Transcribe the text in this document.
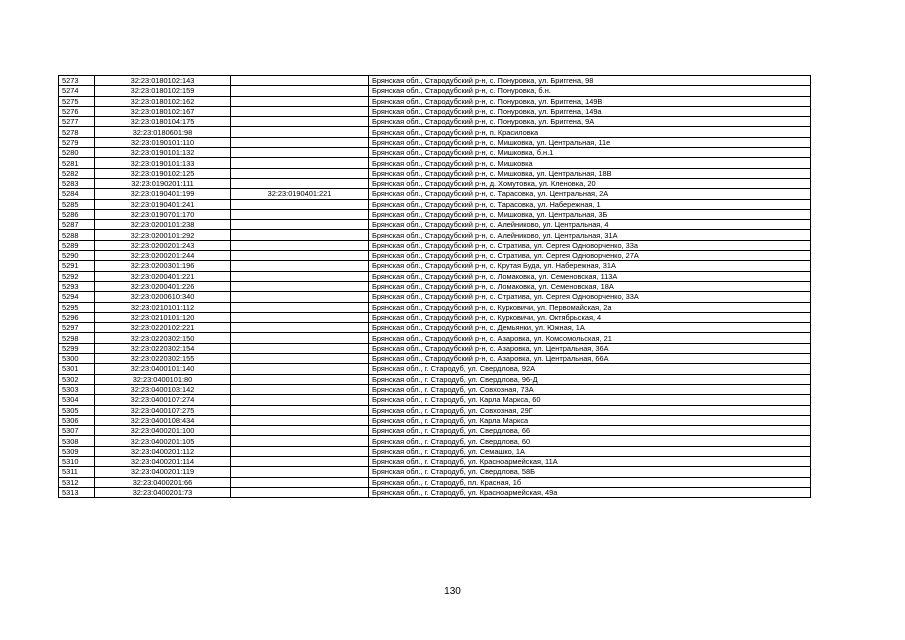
5273	32:23:0180102:143		Брянская обл., Стародубский р-н, с. Понуровка, ул. Бриггена, 98
5274	32:23:0180102:159		Брянская обл., Стародубский р-н, с. Понуровка, б.н.
5275	32:23:0180102:162		Брянская обл., Стародубский р-н, с. Понуровка, ул. Бриггена, 149В
5276	32:23:0180102:167		Брянская обл., Стародубский р-н, с. Понуровка, ул. Бриггена, 149а
5277	32:23:0180104:175		Брянская обл., Стародубский р-н, с. Понуровка, ул. Бриггена, 9А
5278	32:23:0180601:98		Брянская обл., Стародубский р-н, п. Красиловка
5279	32:23:0190101:110		Брянская обл., Стародубский р-н, с. Мишковка, ул. Центральная, 11е
5280	32:23:0190101:132		Брянская обл., Стародубский р-н, с. Мишковка, б.н.1
5281	32:23:0190101:133		Брянская обл., Стародубский р-н, с. Мишковка
5282	32:23:0190102:125		Брянская обл., Стародубский р-н, с. Мишковка, ул. Центральная, 18В
5283	32:23:0190201:111		Брянская обл., Стародубский р-н, д. Хомутовка, ул. Кленовка, 20
5284	32:23:0190401:199	32:23:0190401:221	Брянская обл., Стародубский р-н, с. Тарасовка, ул. Центральная, 2А
5285	32:23:0190401:241		Брянская обл., Стародубский р-н, с. Тарасовка, ул. Набережная, 1
5286	32:23:0190701:170		Брянская обл., Стародубский р-н, с. Мишковка, ул. Центральная, 3Б
5287	32:23:0200101:238		Брянская обл., Стародубский р-н, с. Алейниково, ул. Центральная, 4
5288	32:23:0200101:292		Брянская обл., Стародубский р-н, с. Алейниково, ул. Центральная, 31А
5289	32:23:0200201:243		Брянская обл., Стародубский р-н, с. Стратива, ул. Сергея Одноворченко, 33а
5290	32:23:0200201:244		Брянская обл., Стародубский р-н, с. Стратива, ул. Сергея Одноворченко, 27А
5291	32:23:0200301:196		Брянская обл., Стародубский р-н, с. Крутая Буда, ул. Набережная, 31А
5292	32:23:0200401:221		Брянская обл., Стародубский р-н, с. Ломаковка, ул. Семеновская, 113А
5293	32:23:0200401:226		Брянская обл., Стародубский р-н, с. Ломаковка, ул. Семеновская, 18А
5294	32:23:0200610:340		Брянская обл., Стародубский р-н, с. Стратива, ул. Сергея Одноворченко, 33А
5295	32:23:0210101:112		Брянская обл., Стародубский р-н, с. Курковичи, ул. Первомайская, 2а
5296	32:23:0210101:120		Брянская обл., Стародубский р-н, с. Курковичи, ул. Октябрьская, 4
5297	32:23:0220102:221		Брянская обл., Стародубский р-н, с. Демьянки, ул. Южная, 1А
5298	32:23:0220302:150		Брянская обл., Стародубский р-н, с. Азаровка, ул. Комсомольская, 21
5299	32:23:0220302:154		Брянская обл., Стародубский р-н, с. Азаровка, ул. Центральная, 36А
5300	32:23:0220302:155		Брянская обл., Стародубский р-н, с. Азаровка, ул. Центральная, 66А
5301	32:23:0400101:140		Брянская обл., г. Стародуб, ул. Свердлова, 92А
5302	32:23:0400101:80		Брянская обл., г. Стародуб, ул. Свердлова, 96-Д
5303	32:23:0400103:142		Брянская обл., г. Стародуб, ул. Совхозная, 73А
5304	32:23:0400107:274		Брянская обл., г. Стародуб, ул. Карла Маркса, 60
5305	32:23:0400107:275		Брянская обл., г. Стародуб, ул. Совхозная, 29Г
5306	32:23:0400108:434		Брянская обл., г. Стародуб, ул. Карла Маркса
5307	32:23:0400201:100		Брянская обл., г. Стародуб, ул. Свердлова, 66
5308	32:23:0400201:105		Брянская обл., г. Стародуб, ул. Свердлова, 60
5309	32:23:0400201:112		Брянская обл., г. Стародуб, ул. Семашко, 1А
5310	32:23:0400201:114		Брянская обл., г. Стародуб, ул. Красноармейская, 11А
5311	32:23:0400201:119		Брянская обл., г. Стародуб, ул. Свердлова, 58Б
5312	32:23:0400201:66		Брянская обл., г. Стародуб, пл. Красная, 1б
5313	32:23:0400201:73		Брянская обл., г. Стародуб, ул. Красноармейская, 49а
130
